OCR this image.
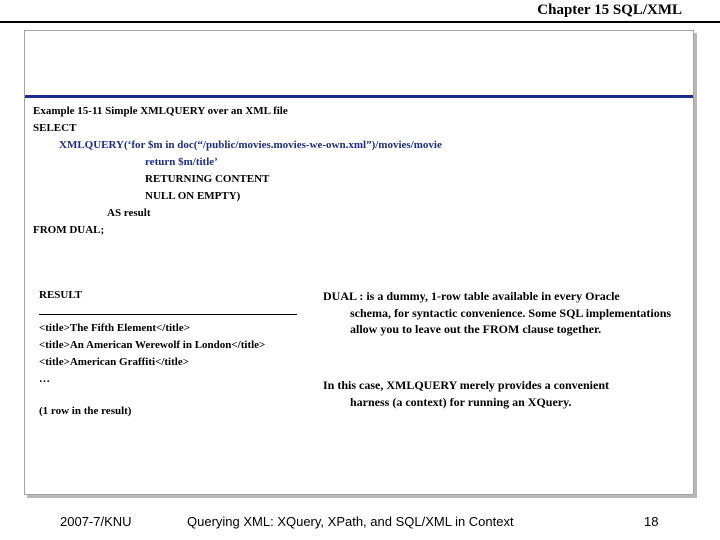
Chapter 15 SQL/XML
Example 15-11 Simple XMLQUERY over an XML file
SELECT
XMLQUERY(‘for $m in doc(“/public/movies.movies-we-own.xml”)/movies/movie
return $m/title’
RETURNING CONTENT
NULL ON EMPTY)
AS result
FROM DUAL;
RESULT
<title>The Fifth Element</title>
<title>An American Werewolf in London</title>
<title>American Graffiti</title>
…
(1 row in the result)
DUAL : is a dummy, 1-row table available in every Oracle
schema, for syntactic convenience. Some SQL implementations allow you to leave out the FROM clause together.
In this case, XMLQUERY merely provides a convenient
harness (a context) for running an XQuery.
2007-7/KNU	Querying XML: XQuery, XPath, and SQL/XML in Context	18
